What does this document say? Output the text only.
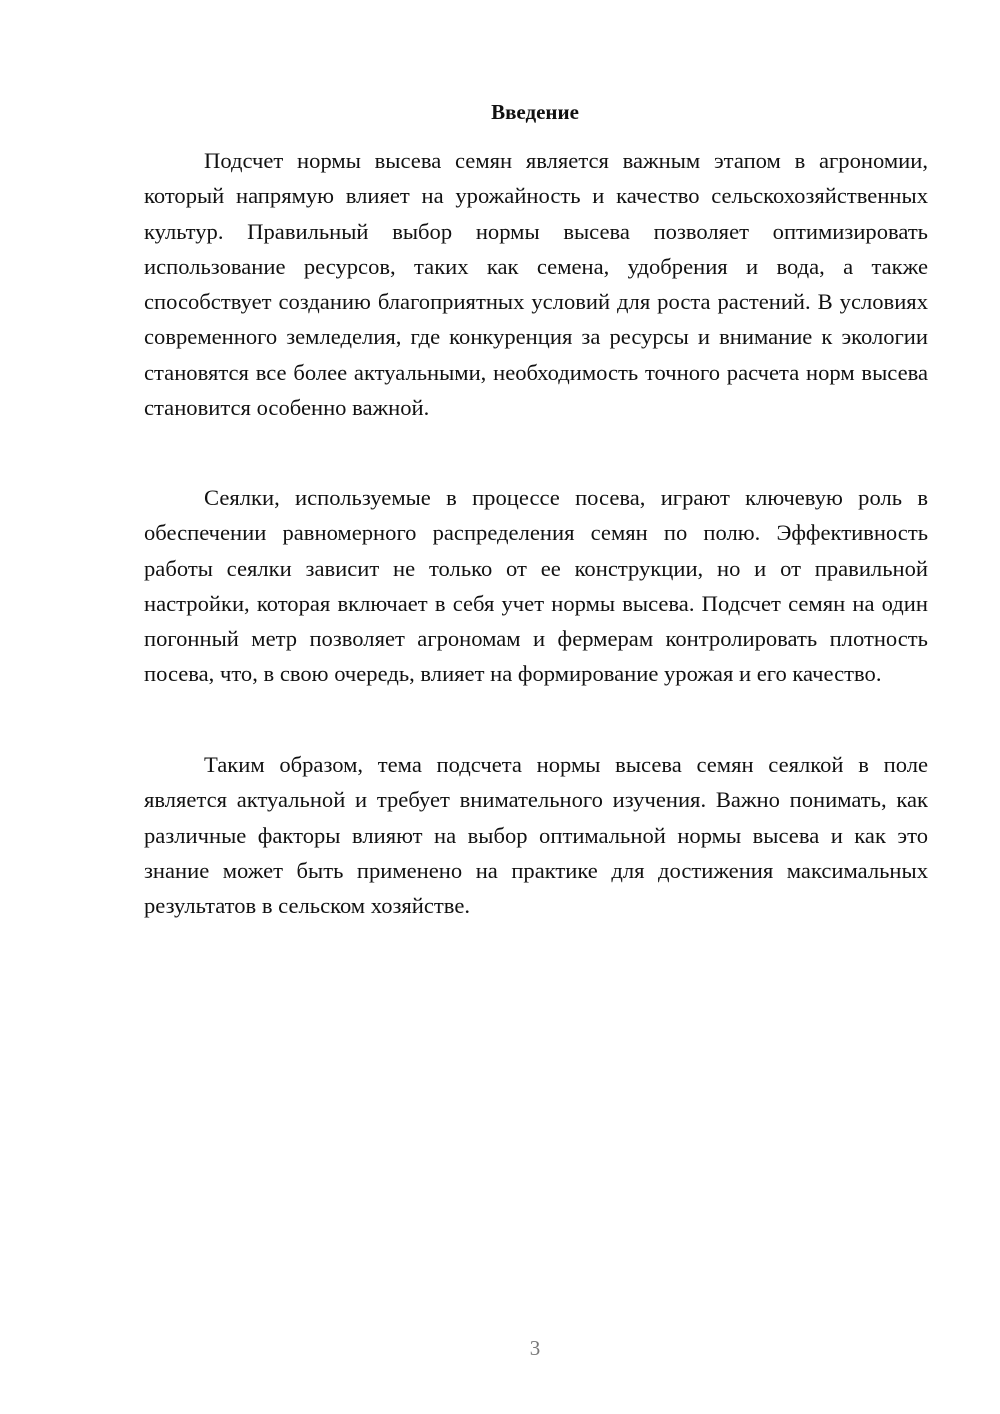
Введение

Подсчет нормы высева семян является важным этапом в агрономии, который напрямую влияет на урожайность и качество сельскохозяйственных культур. Правильный выбор нормы высева позволяет оптимизировать использование ресурсов, таких как семена, удобрения и вода, а также способствует созданию благоприятных условий для роста растений. В условиях современного земледелия, где конкуренция за ресурсы и внимание к экологии становятся все более актуальными, необходимость точного расчета норм высева становится особенно важной.

Сеялки, используемые в процессе посева, играют ключевую роль в обеспечении равномерного распределения семян по полю. Эффективность работы сеялки зависит не только от ее конструкции, но и от правильной настройки, которая включает в себя учет нормы высева. Подсчет семян на один погонный метр позволяет агрономам и фермерам контролировать плотность посева, что, в свою очередь, влияет на формирование урожая и его качество.

Таким образом, тема подсчета нормы высева семян сеялкой в поле является актуальной и требует внимательного изучения. Важно понимать, как различные факторы влияют на выбор оптимальной нормы высева и как это знание может быть применено на практике для достижения максимальных результатов в сельском хозяйстве.

3
